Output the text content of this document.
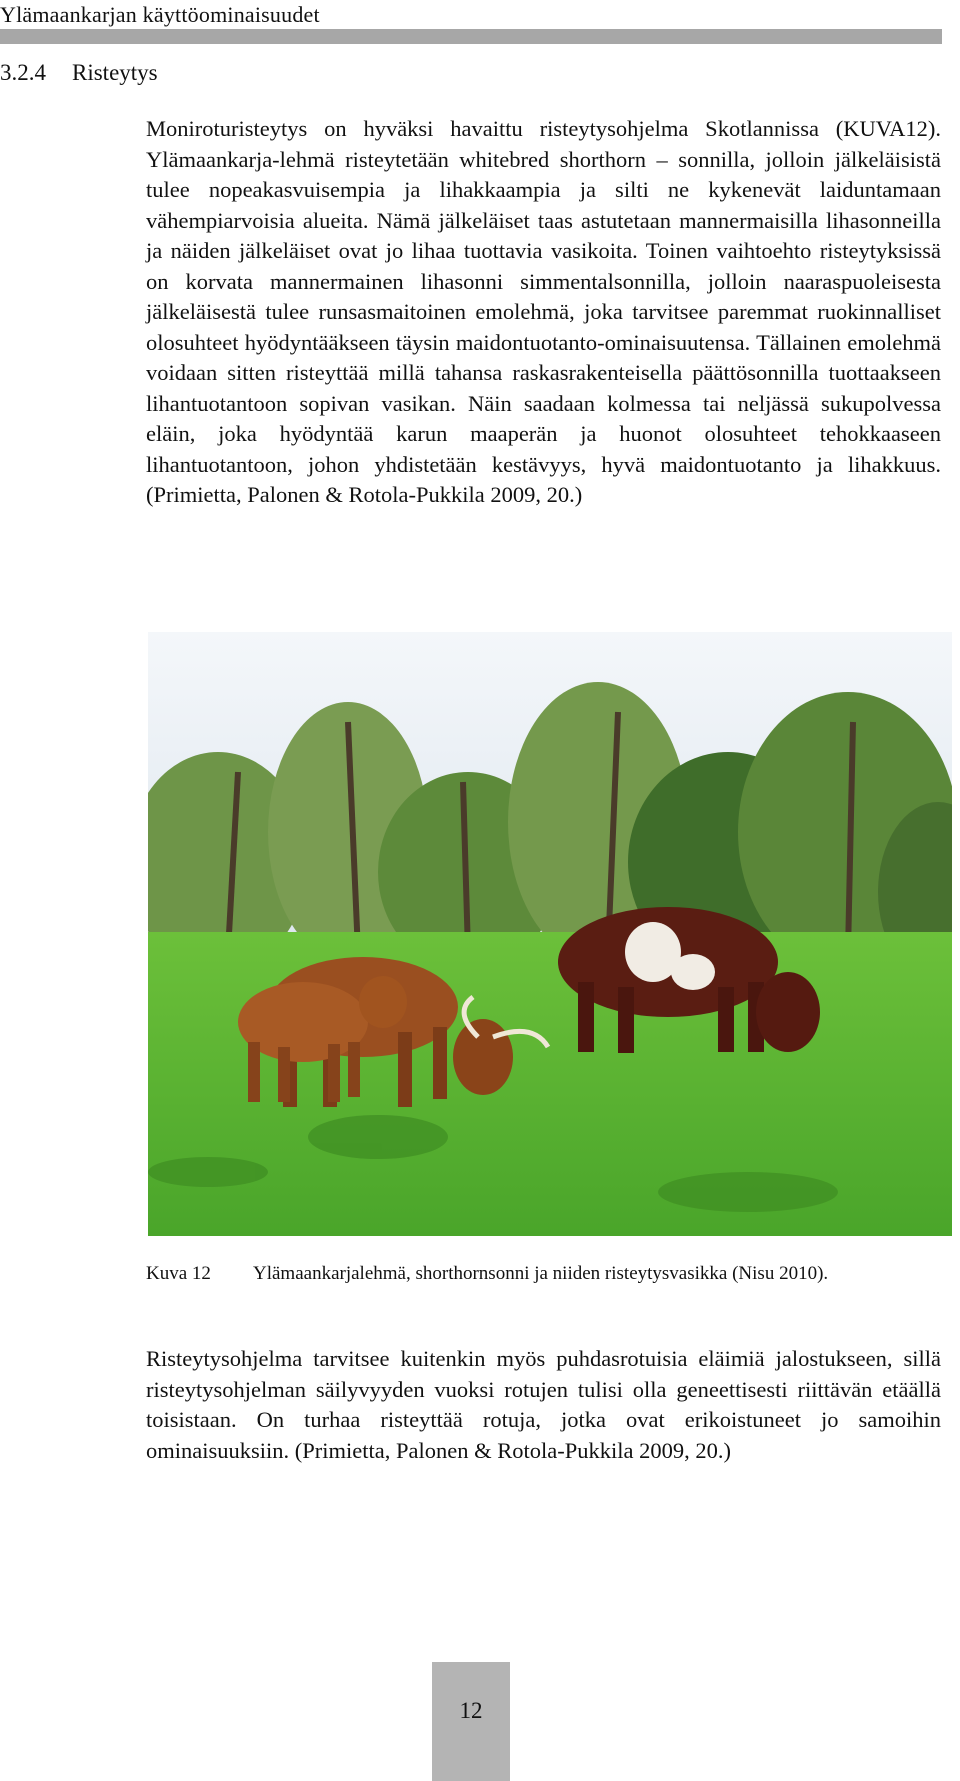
Ylämaankarjan käyttöominaisuudet
3.2.4 Risteytys

Moniroturisteytys on hyväksi havaittu risteytysohjelma Skotlannissa (KUVA12). Ylämaankarja-lehmä risteytetään whitebred shorthorn – sonnilla, jolloin jälkeläisistä tulee nopeakasvuisempia ja lihakkaampia ja silti ne kykenevät laiduntamaan vähempiarvoisia alueita. Nämä jälkeläiset taas astutetaan mannermaisilla lihasonneilla ja näiden jälkeläiset ovat jo lihaa tuottavia vasikoita. Toinen vaihtoehto risteytyksissä on korvata mannermainen lihasonni simmentalsonnilla, jolloin naaraspuoleisesta jälkeläisestä tulee runsasmaitoinen emolehmä, joka tarvitsee paremmat ruokinnalliset olosuhteet hyödyntääkseen täysin maidontuotanto-ominaisuutensa. Tällainen emolehmä voidaan sitten risteyttää millä tahansa raskasrakenteisella päättösonnilla tuottaakseen lihantuotantoon sopivan vasikan. Näin saadaan kolmessa tai neljässä sukupolvessa eläin, joka hyödyntää karun maaperän ja huonot olosuhteet tehokkaaseen lihantuotantoon, johon yhdistetään kestävyys, hyvä maidontuotanto ja lihakkuus. (Primietta, Palonen & Rotola-Pukkila 2009, 20.)

Kuva 12	Ylämaankarjalehmä, shorthornsonni ja niiden risteytysvasikka (Nisu 2010).

Risteytysohjelma tarvitsee kuitenkin myös puhdasrotuisia eläimiä jalostukseen, sillä risteytysohjelman säilyvyyden vuoksi rotujen tulisi olla geneettisesti riittävän etäällä toisistaan. On turhaa risteyttää rotuja, jotka ovat erikoistuneet jo samoihin ominaisuuksiin. (Primietta, Palonen & Rotola-Pukkila 2009, 20.)

12
